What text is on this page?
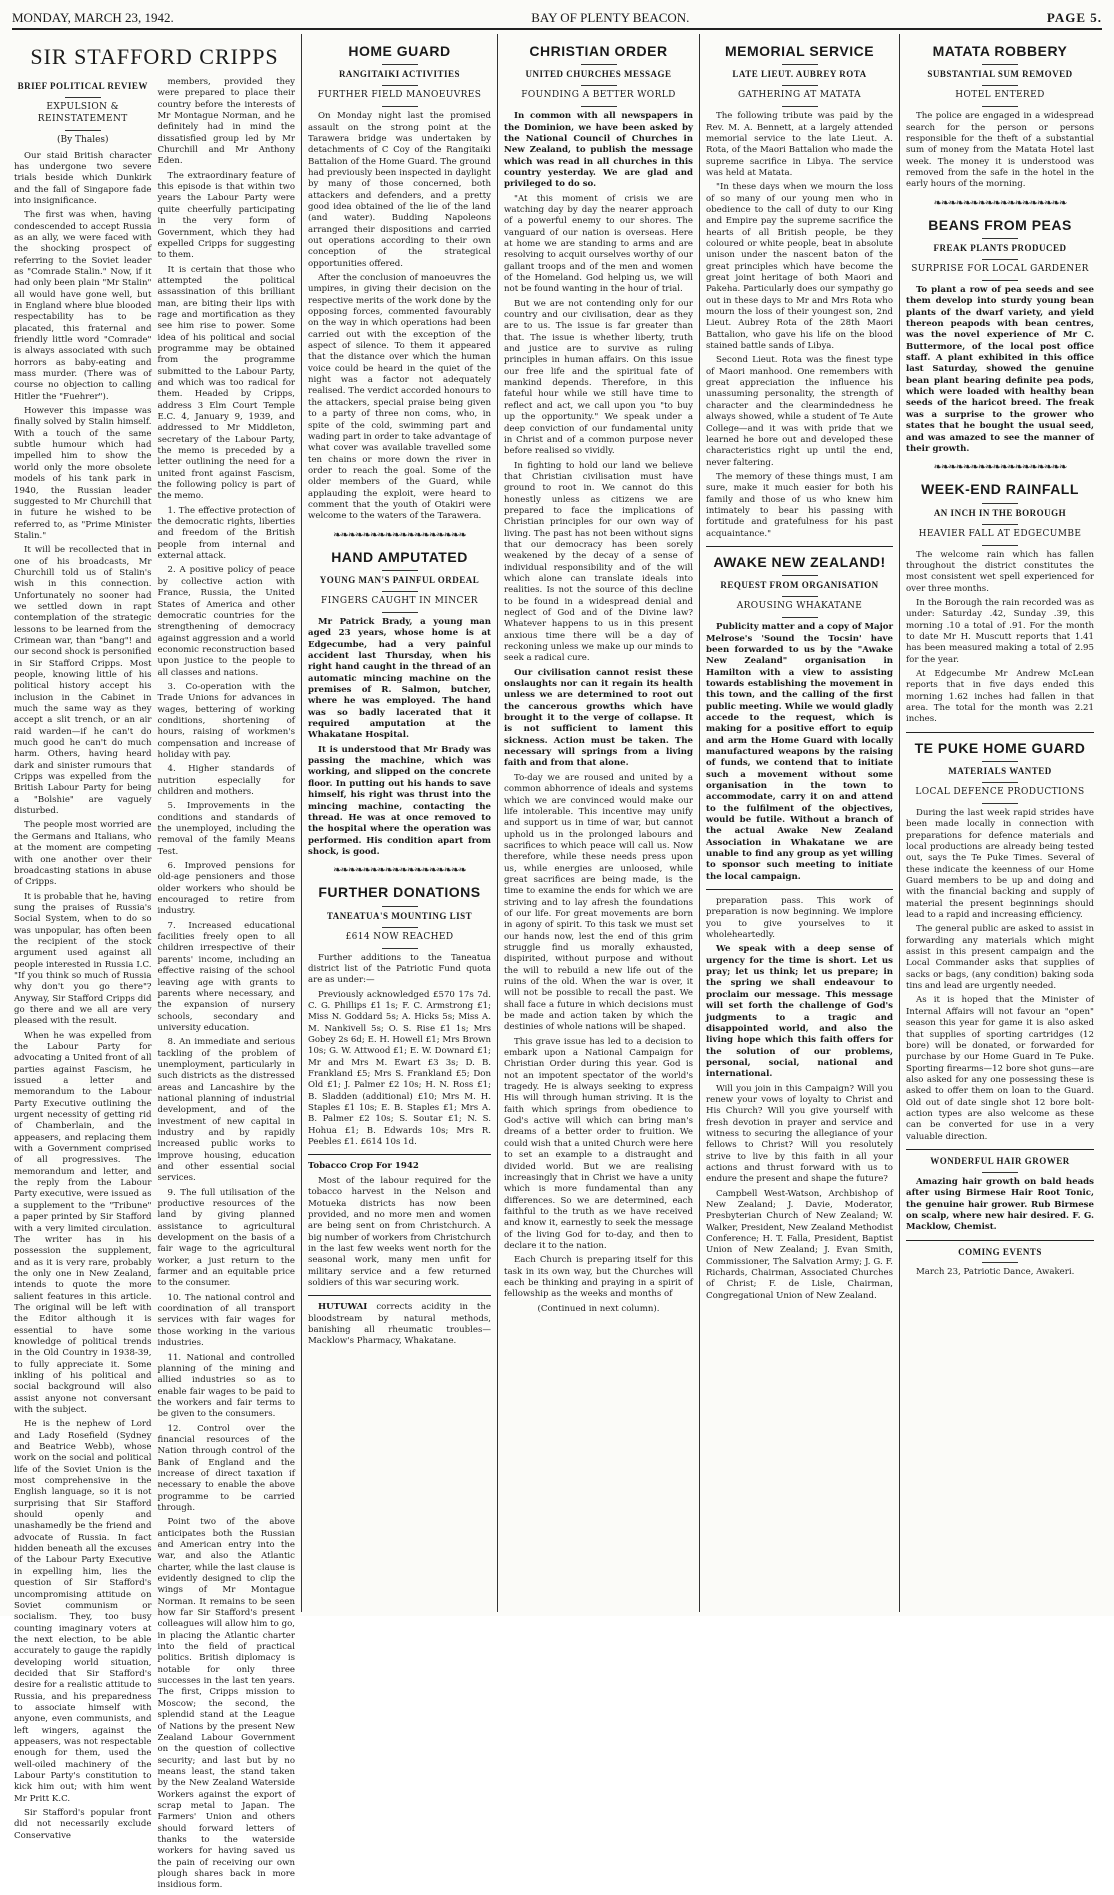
MONDAY, MARCH 23, 1942.	BAY OF PLENTY BEACON.	PAGE 5.
SIR STAFFORD CRIPPS
BRIEF POLITICAL REVIEW
EXPULSION & REINSTATEMENT
(By Thales)

Our staid British character has undergone two severe trials beside which Dunkirk and the fall of Singapore fade into insignificance.

The first was when, having condescended to accept Russia as an ally, we were faced with the shocking prospect of referring to the Soviet leader as "Comrade Stalin." Now, if it had only been plain "Mr Stalin" all would have gone well, but in England where blue blooded respectability has to be placated, this fraternal and friendly little word "Comrade" is always associated with such horrors as baby-eating and mass murder. (There was of course no objection to calling Hitler the "Fuehrer").

However this impasse was finally solved by Stalin himself. With a touch of the same subtle humour which had impelled him to show the world only the more obsolete models of his tank park in 1940, the Russian leader suggested to Mr Churchill that in future he wished to be referred to, as "Prime Minister Stalin."

It will be recollected that in one of his broadcasts, Mr Churchill told us of Stalin's wish in this connection. Unfortunately no sooner had we settled down in rapt contemplation of the strategic lessons to be learned from the Crimean war, than "bang"! and our second shock is personified in Sir Stafford Cripps. Most people, knowing little of his political history accept his inclusion in the Cabinet in much the same way as they accept a slit trench, or an air raid warden—if he can't do much good he can't do much harm. Others, having heard dark and sinister rumours that Cripps was expelled from the British Labour Party for being a "Bolshie" are vaguely disturbed.

The people most worried are the Germans and Italians, who at the moment are competing with one another over their broadcasting stations in abuse of Cripps.

It is probable that he, having sung the praises of Russia's Social System, when to do so was unpopular, has often been the recipient of the stock argument used against all people interested in Russia I.C. "If you think so much of Russia why don't you go there"? Anyway, Sir Stafford Cripps did go there and we all are very pleased with the result.

When he was expelled from the Labour Party for advocating a United front of all parties against Fascism, he issued a letter and memorandum to the Labour Party Executive outlining the urgent necessity of getting rid of Chamberlain, and the appeasers, and replacing them with a Government comprised of all progressives. The memorandum and letter, and the reply from the Labour Party executive, were issued as a supplement to the "Tribune" a paper printed by Sir Stafford with a very limited circulation. The writer has in his possession the supplement, and as it is very rare, probably the only one in New Zealand, intends to quote the more salient features in this article. The original will be left with the Editor although it is essential to have some knowledge of political trends in the Old Country in 1938-39, to fully appreciate it. Some inkling of his political and social background will also assist anyone not conversant with the subject.

He is the nephew of Lord and Lady Rosefield (Sydney and Beatrice Webb), whose work on the social and political life of the Soviet Union is the most comprehensive in the English language, so it is not surprising that Sir Stafford should openly and unashamedly be the friend and advocate of Russia. In fact hidden beneath all the excuses of the Labour Party Executive in expelling him, lies the question of Sir Stafford's uncompromising attitude on Soviet communism or socialism. They, too busy counting imaginary voters at the next election, to be able accurately to gauge the rapidly developing world situation, decided that Sir Stafford's desire for a realistic attitude to Russia, and his preparedness to associate himself with anyone, even communists, and left wingers, against the appeasers, was not respectable enough for them, used the well-oiled machinery of the Labour Party's constitution to kick him out; with him went Mr Pritt K.C.

Sir Stafford's popular front did not necessarily exclude Conservative

members, provided they were prepared to place their country before the interests of Mr Montague Norman, and he definitely had in mind the dissatisfied group led by Mr Churchill and Mr Anthony Eden.

The extraordinary feature of this episode is that within two years the Labour Party were quite cheerfully participating in the very form of Government, which they had expelled Cripps for suggesting to them.

It is certain that those who attempted the political assassination of this brilliant man, are biting their lips with rage and mortification as they see him rise to power. Some idea of his political and social programme may be obtained from the programme submitted to the Labour Party, and which was too radical for them. Headed by Cripps, address 3 Elm Court Temple E.C. 4, January 9, 1939, and addressed to Mr Middleton, secretary of the Labour Party, the memo is preceded by a letter outlining the need for a united front against Fascism, the following policy is part of the memo.

1. The effective protection of the democratic rights, liberties and freedom of the British people from internal and external attack.

2. A positive policy of peace by collective action with France, Russia, the United States of America and other democratic countries for the strengthening of democracy against aggression and a world economic reconstruction based upon justice to the people to all classes and nations.

3. Co-operation with the Trade Unions for advances in wages, bettering of working conditions, shortening of hours, raising of workmen's compensation and increase of holiday with pay.

4. Higher standards of nutrition especially for children and mothers.

5. Improvements in the conditions and standards of the unemployed, including the removal of the family Means Test.

6. Improved pensions for old-age pensioners and those older workers who should be encouraged to retire from industry.

7. Increased educational facilities freely open to all children irrespective of their parents' income, including an effective raising of the school leaving age with grants to parents where necessary, and the expansion of nursery schools, secondary and university education.

8. An immediate and serious tackling of the problem of unemployment, particularly in such districts as the distressed areas and Lancashire by the national planning of industrial development, and of the investment of new capital in industry and by rapidly increased public works to improve housing, education and other essential social services.

9. The full utilisation of the productive resources of the land by giving planned assistance to agricultural development on the basis of a fair wage to the agricultural worker, a just return to the farmer and an equitable price to the consumer.

10. The national control and coordination of all transport services with fair wages for those working in the various industries.

11. National and controlled planning of the mining and allied industries so as to enable fair wages to be paid to the workers and fair terms to be given to the consumers.

12. Control over the financial resources of the Nation through control of the Bank of England and the increase of direct taxation if necessary to enable the above programme to be carried through.

Point two of the above anticipates both the Russian and American entry into the war, and also the Atlantic charter, while the last clause is evidently designed to clip the wings of Mr Montague Norman. It remains to be seen how far Sir Stafford's present colleagues will allow him to go, in placing the Atlantic charter into the field of practical politics. British diplomacy is notable for only three successes in the last ten years. The first, Cripps mission to Moscow; the second, the splendid stand at the League of Nations by the present New Zealand Labour Government on the question of collective security; and last but by no means least, the stand taken by the New Zealand Waterside Workers against the export of scrap metal to Japan. The Farmers' Union and others should forward letters of thanks to the waterside workers for having saved us the pain of receiving our own plough shares back in more insidious form.

HOME GUARD
RANGITAIKI ACTIVITIES
FURTHER FIELD MANOEUVRES

On Monday night last the promised assault on the strong point at the Tarawera bridge was undertaken by detachments of C Coy of the Rangitaiki Battalion of the Home Guard. The ground had previously been inspected in daylight by many of those concerned, both attackers and defenders, and a pretty good idea obtained of the lie of the land (and water). Budding Napoleons arranged their dispositions and carried out operations according to their own conception of the strategical opportunities offered.

After the conclusion of manoeuvres the umpires, in giving their decision on the respective merits of the work done by the opposing forces, commented favourably on the way in which operations had been carried out with the exception of the aspect of silence. To them it appeared that the distance over which the human voice could be heard in the quiet of the night was a factor not adequately realised. The verdict accorded honours to the attackers, special praise being given to a party of three non coms, who, in spite of the cold, swimming part and wading part in order to take advantage of what cover was available travelled some ten chains or more down the river in order to reach the goal. Some of the older members of the Guard, while applauding the exploit, were heard to comment that the youth of Otakiri were welcome to the waters of the Tarawera.

❧❧❧❧❧❧❧❧❧❧❧❧❧❧❧❧❧❧
HAND AMPUTATED
YOUNG MAN'S PAINFUL ORDEAL
FINGERS CAUGHT IN MINCER

Mr Patrick Brady, a young man aged 23 years, whose home is at Edgecumbe, had a very painful accident last Thursday, when his right hand caught in the thread of an automatic mincing machine on the premises of R. Salmon, butcher, where he was employed. The hand was so badly lacerated that it required amputation at the Whakatane Hospital.

It is understood that Mr Brady was passing the machine, which was working, and slipped on the concrete floor. In putting out his hands to save himself, his right was thrust into the mincing machine, contacting the thread. He was at once removed to the hospital where the operation was performed. His condition apart from shock, is good.

❧❧❧❧❧❧❧❧❧❧❧❧❧❧❧❧❧❧
FURTHER DONATIONS
TANEATUA'S MOUNTING LIST
£614 NOW REACHED

Further additions to the Taneatua district list of the Patriotic Fund quota are as under:—

Previously acknowledged £570 17s 7d. C. G. Phillips £1 1s; F. C. Armstrong £1; Miss N. Goddard 5s; A. Hicks 5s; Miss A. M. Nankivell 5s; O. S. Rise £1 1s; Mrs Gobey 2s 6d; E. H. Howell £1; Mrs Brown 10s; G. W. Attwood £1; E. W. Downard £1; Mr and Mrs M. Ewart £3 3s; D. B. Frankland £5; Mrs S. Frankland £5; Don Old £1; J. Palmer £2 10s; H. N. Ross £1; B. Sladden (additional) £10; Mrs M. H. Staples £1 10s; E. B. Staples £1; Mrs A. B. Palmer £2 10s; S. Soutar £1; N. S. Hohua £1; B. Edwards 10s; Mrs R. Peebles £1. £614 10s 1d.

Tobacco Crop For 1942

Most of the labour required for the tobacco harvest in the Nelson and Motueka districts has now been provided, and no more men and women are being sent on from Christchurch. A big number of workers from Christchurch in the last few weeks went north for the seasonal work, many men unfit for military service and a few returned soldiers of this war securing work.

HUTUWAI corrects acidity in the bloodstream by natural methods, banishing all rheumatic troubles—Macklow's Pharmacy, Whakatane.

CHRISTIAN ORDER
UNITED CHURCHES MESSAGE
FOUNDING A BETTER WORLD

In common with all newspapers in the Dominion, we have been asked by the National Council of Churches in New Zealand, to publish the message which was read in all churches in this country yesterday. We are glad and privileged to do so.

"At this moment of crisis we are watching day by day the nearer approach of a powerful enemy to our shores. The vanguard of our nation is overseas. Here at home we are standing to arms and are resolving to acquit ourselves worthy of our gallant troops and of the men and women of the Homeland. God helping us, we will not be found wanting in the hour of trial.

But we are not contending only for our country and our civilisation, dear as they are to us. The issue is far greater than that. The issue is whether liberty, truth and justice are to survive as ruling principles in human affairs. On this issue our free life and the spiritual fate of mankind depends. Therefore, in this fateful hour while we still have time to reflect and act, we call upon you "to buy up the opportunity." We speak under a deep conviction of our fundamental unity in Christ and of a common purpose never before realised so vividly.

In fighting to hold our land we believe that Christian civilisation must have ground to root in. We cannot do this honestly unless as citizens we are prepared to face the implications of Christian principles for our own way of living. The past has not been without signs that our democracy has been sorely weakened by the decay of a sense of individual responsibility and of the will which alone can translate ideals into realities. Is not the source of this decline to be found in a widespread denial and neglect of God and of the Divine law? Whatever happens to us in this present anxious time there will be a day of reckoning unless we make up our minds to seek a radical cure.

Our civilisation cannot resist these onslaughts nor can it regain its health unless we are determined to root out the cancerous growths which have brought it to the verge of collapse. It is not sufficient to lament this sickness. Action must be taken. The necessary will springs from a living faith and from that alone.

To-day we are roused and united by a common abhorrence of ideals and systems which we are convinced would make our life intolerable. This incentive may unify and support us in time of war, but cannot uphold us in the prolonged labours and sacrifices to which peace will call us. Now therefore, while these needs press upon us, while energies are unloosed, while great sacrifices are being made, is the time to examine the ends for which we are striving and to lay afresh the foundations of our life. For great movements are born in agony of spirit. To this task we must set our hands now, lest the end of this grim struggle find us morally exhausted, dispirited, without purpose and without the will to rebuild a new life out of the ruins of the old. When the war is over, it will not be possible to recall the past. We shall face a future in which decisions must be made and action taken by which the destinies of whole nations will be shaped.

This grave issue has led to a decision to embark upon a National Campaign for Christian Order during this year. God is not an impotent spectator of the world's tragedy. He is always seeking to express His will through human striving. It is the faith which springs from obedience to God's active will which can bring man's dreams of a better order to fruition. We could wish that a united Church were here to set an example to a distraught and divided world. But we are realising increasingly that in Christ we have a unity which is more fundamental than any differences. So we are determined, each faithful to the truth as we have received and know it, earnestly to seek the message of the living God for to-day, and then to declare it to the nation.

Each Church is preparing itself for this task in its own way, but the Churches will each be thinking and praying in a spirit of fellowship as the weeks and months of

(Continued in next column).

MEMORIAL SERVICE
LATE LIEUT. AUBREY ROTA
GATHERING AT MATATA

The following tribute was paid by the Rev. M. A. Bennett, at a largely attended memorial service to the late Lieut. A. Rota, of the Maori Battalion who made the supreme sacrifice in Libya. The service was held at Matata.

"In these days when we mourn the loss of so many of our young men who in obedience to the call of duty to our King and Empire pay the supreme sacrifice the hearts of all British people, be they coloured or white people, beat in absolute unison under the nascent baton of the great principles which have become the great joint heritage of both Maori and Pakeha. Particularly does our sympathy go out in these days to Mr and Mrs Rota who mourn the loss of their youngest son, 2nd Lieut. Aubrey Rota of the 28th Maori Battalion, who gave his life on the blood stained battle sands of Libya.

Second Lieut. Rota was the finest type of Maori manhood. One remembers with great appreciation the influence his unassuming personality, the strength of character and the clearmindedness he always showed, while a student of Te Aute College—and it was with pride that we learned he bore out and developed these characteristics right up until the end, never faltering.

The memory of these things must, I am sure, make it much easier for both his family and those of us who knew him intimately to bear his passing with fortitude and gratefulness for his past acquaintance."

AWAKE NEW ZEALAND!
REQUEST FROM ORGANISATION
AROUSING WHAKATANE

Publicity matter and a copy of Major Melrose's 'Sound the Tocsin' have been forwarded to us by the "Awake New Zealand" organisation in Hamilton with a view to assisting towards establishing the movement in this town, and the calling of the first public meeting. While we would gladly accede to the request, which is making for a positive effort to equip and arm the Home Guard with locally manufactured weapons by the raising of funds, we contend that to initiate such a movement without some organisation in the town to accommodate, carry it on and attend to the fulfilment of the objectives, would be futile. Without a branch of the actual Awake New Zealand Association in Whakatane we are unable to find any group as yet willing to sponsor such meeting to initiate the local campaign.

preparation pass. This work of preparation is now beginning. We implore you to give yourselves to it wholeheartedly.

We speak with a deep sense of urgency for the time is short. Let us pray; let us think; let us prepare; in the spring we shall endeavour to proclaim our message. This message will set forth the challenge of God's judgments to a tragic and disappointed world, and also the living hope which this faith offers for the solution of our problems, personal, social, national and international.

Will you join in this Campaign? Will you renew your vows of loyalty to Christ and His Church? Will you give yourself with fresh devotion in prayer and service and witness to securing the allegiance of your fellows to Christ? Will you resolutely strive to live by this faith in all your actions and thrust forward with us to endure the present and shape the future?

Campbell West-Watson, Archbishop of New Zealand; J. Davie, Moderator, Presbyterian Church of New Zealand; W. Walker, President, New Zealand Methodist Conference; H. T. Falla, President, Baptist Union of New Zealand; J. Evan Smith, Commissioner, The Salvation Army; J. G. F. Richards, Chairman, Associated Churches of Christ; F. de Lisle, Chairman, Congregational Union of New Zealand.

MATATA ROBBERY
SUBSTANTIAL SUM REMOVED
HOTEL ENTERED

The police are engaged in a widespread search for the person or persons responsible for the theft of a substantial sum of money from the Matata Hotel last week. The money it is understood was removed from the safe in the hotel in the early hours of the morning.

❧❧❧❧❧❧❧❧❧❧❧❧❧❧❧❧❧❧
BEANS FROM PEAS
FREAK PLANTS PRODUCED
SURPRISE FOR LOCAL GARDENER

To plant a row of pea seeds and see them develop into sturdy young bean plants of the dwarf variety, and yield thereon peapods with bean centres, was the novel experience of Mr C. Buttermore, of the local post office staff. A plant exhibited in this office last Saturday, showed the genuine bean plant bearing definite pea pods, which were loaded with healthy bean seeds of the haricot breed. The freak was a surprise to the grower who states that he bought the usual seed, and was amazed to see the manner of their growth.

❧❧❧❧❧❧❧❧❧❧❧❧❧❧❧❧❧❧
WEEK-END RAINFALL
AN INCH IN THE BOROUGH
HEAVIER FALL AT EDGECUMBE

The welcome rain which has fallen throughout the district constitutes the most consistent wet spell experienced for over three months.

In the Borough the rain recorded was as under: Saturday .42, Sunday .39, this morning .10 a total of .91. For the month to date Mr H. Muscutt reports that 1.41 has been measured making a total of 2.95 for the year.

At Edgecumbe Mr Andrew McLean reports that in five days ended this morning 1.62 inches had fallen in that area. The total for the month was 2.21 inches.

TE PUKE HOME GUARD
MATERIALS WANTED
LOCAL DEFENCE PRODUCTIONS

During the last week rapid strides have been made locally in connection with preparations for defence materials and local productions are already being tested out, says the Te Puke Times. Several of these indicate the keenness of our Home Guard members to be up and doing and with the financial backing and supply of material the present beginnings should lead to a rapid and increasing efficiency.

The general public are asked to assist in forwarding any materials which might assist in this present campaign and the Local Commander asks that supplies of sacks or bags, (any condition) baking soda tins and lead are urgently needed.

As it is hoped that the Minister of Internal Affairs will not favour an "open" season this year for game it is also asked that supplies of sporting cartridges (12 bore) will be donated, or forwarded for purchase by our Home Guard in Te Puke. Sporting firearms—12 bore shot guns—are also asked for any one possessing these is asked to offer them on loan to the Guard. Old out of date single shot 12 bore bolt-action types are also welcome as these can be converted for use in a very valuable direction.

WONDERFUL HAIR GROWER

Amazing hair growth on bald heads after using Birmese Hair Root Tonic, the genuine hair grower. Rub Birmese on scalp, where new hair desired. F. G. Macklow, Chemist.

COMING EVENTS

March 23, Patriotic Dance, Awakeri.
